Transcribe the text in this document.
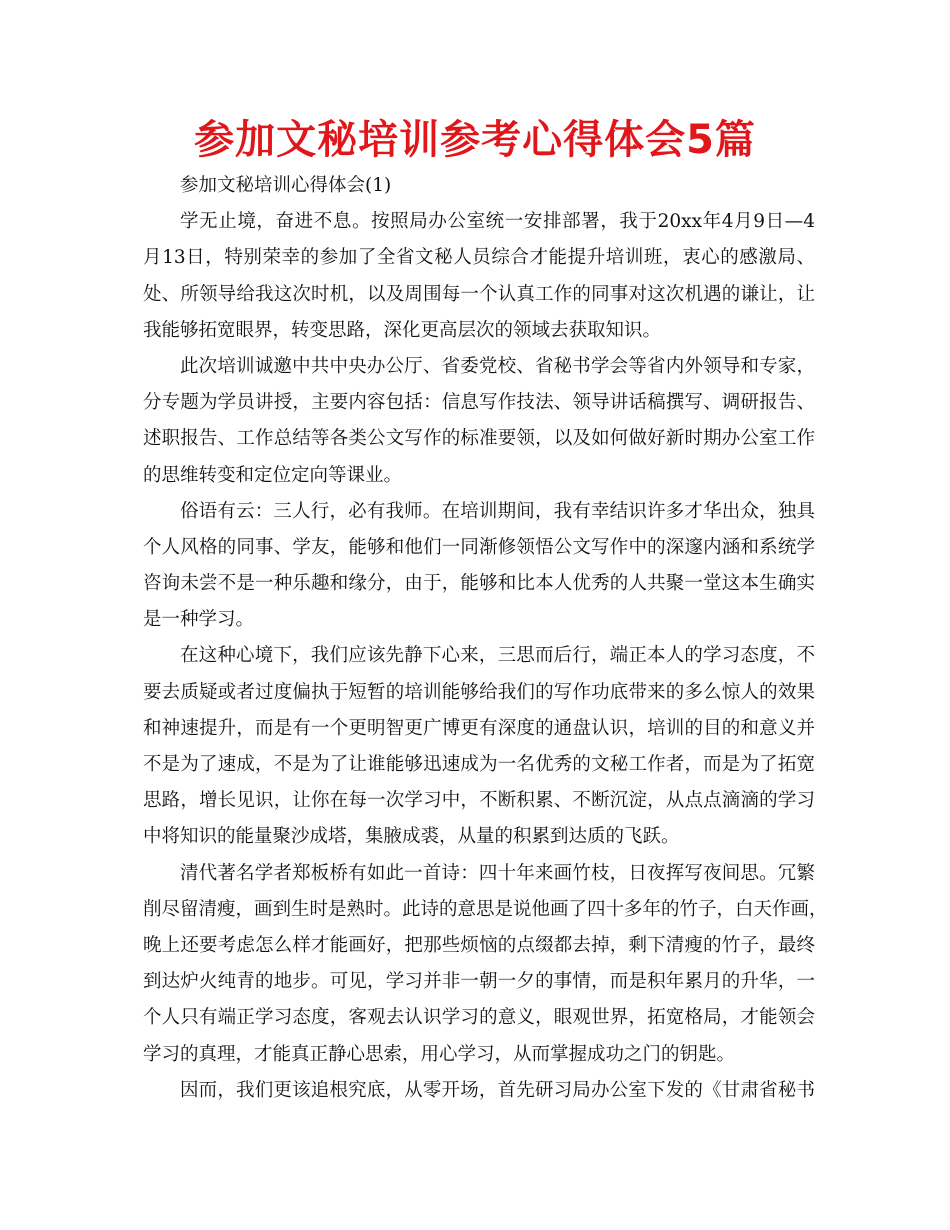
参加文秘培训参考心得体会5篇
参加文秘培训心得体会(1)
学无止境，奋进不息。按照局办公室统一安排部署，我于20xx年4月9日—4
月13日，特别荣幸的参加了全省文秘人员综合才能提升培训班，衷心的感激局、
处、所领导给我这次时机，以及周围每一个认真工作的同事对这次机遇的谦让，让
我能够拓宽眼界，转变思路，深化更高层次的领域去获取知识。
此次培训诚邀中共中央办公厅、省委党校、省秘书学会等省内外领导和专家，
分专题为学员讲授，主要内容包括：信息写作技法、领导讲话稿撰写、调研报告、
述职报告、工作总结等各类公文写作的标准要领，以及如何做好新时期办公室工作
的思维转变和定位定向等课业。
俗语有云：三人行，必有我师。在培训期间，我有幸结识许多才华出众，独具
个人风格的同事、学友，能够和他们一同渐修领悟公文写作中的深邃内涵和系统学
咨询未尝不是一种乐趣和缘分，由于，能够和比本人优秀的人共聚一堂这本生确实
是一种学习。
在这种心境下，我们应该先静下心来，三思而后行，端正本人的学习态度，不
要去质疑或者过度偏执于短暂的培训能够给我们的写作功底带来的多么惊人的效果
和神速提升，而是有一个更明智更广博更有深度的通盘认识，培训的目的和意义并
不是为了速成，不是为了让谁能够迅速成为一名优秀的文秘工作者，而是为了拓宽
思路，增长见识，让你在每一次学习中，不断积累、不断沉淀，从点点滴滴的学习
中将知识的能量聚沙成塔，集腋成裘，从量的积累到达质的飞跃。
清代著名学者郑板桥有如此一首诗：四十年来画竹枝，日夜挥写夜间思。冗繁
削尽留清瘦，画到生时是熟时。此诗的意思是说他画了四十多年的竹子，白天作画，
晚上还要考虑怎么样才能画好，把那些烦恼的点缀都去掉，剩下清瘦的竹子，最终
到达炉火纯青的地步。可见，学习并非一朝一夕的事情，而是积年累月的升华，一
个人只有端正学习态度，客观去认识学习的意义，眼观世界，拓宽格局，才能领会
学习的真理，才能真正静心思索，用心学习，从而掌握成功之门的钥匙。
因而，我们更该追根究底，从零开场，首先研习局办公室下发的《甘肃省秘书
